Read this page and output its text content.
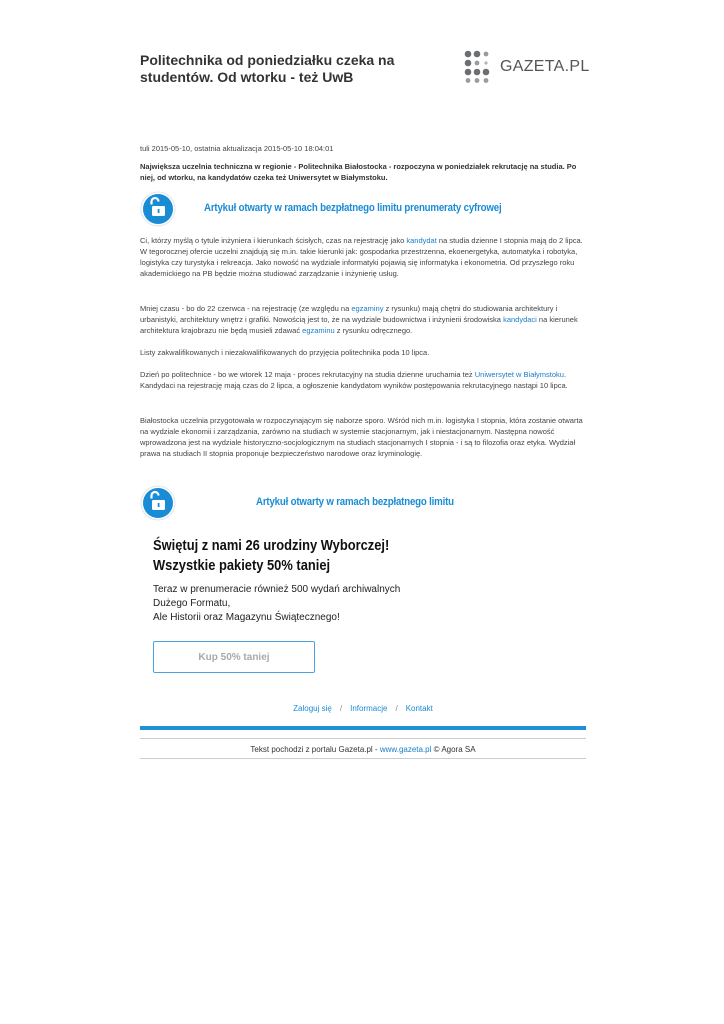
Politechnika od poniedziałku czeka na studentów. Od wtorku - też UwB
GAZETA.PL
tuli 2015-05-10, ostatnia aktualizacja 2015-05-10 18:04:01

Największa uczelnia techniczna w regionie - Politechnika Białostocka - rozpoczyna w poniedziałek rekrutację na studia. Po niej, od wtorku, na kandydatów czeka też Uniwersytet w Białymstoku.

Artykuł otwarty w ramach bezpłatnego limitu prenumeraty cyfrowej

Ci, którzy myślą o tytule inżyniera i kierunkach ścisłych, czas na rejestrację jako kandydat na studia dzienne I stopnia mają do 2 lipca. W tegorocznej ofercie uczelni znajdują się m.in. takie kierunki jak: gospodarka przestrzenna, ekoenergetyka, automatyka i robotyka, logistyka czy turystyka i rekreacja. Jako nowość na wydziale informatyki pojawią się informatyka i ekonometria. Od przyszłego roku akademickiego na PB będzie można studiować zarządzanie i inżynierię usług.

Mniej czasu - bo do 22 czerwca - na rejestrację (ze względu na egzaminy z rysunku) mają chętni do studiowania architektury i urbanistyki, architektury wnętrz i grafiki. Nowością jest to, że na wydziale budownictwa i inżynierii środowiska kandydaci na kierunek architektura krajobrazu nie będą musieli zdawać egzaminu z rysunku odręcznego.

Listy zakwalifikowanych i niezakwalifikowanych do przyjęcia politechnika poda 10 lipca.

Dzień po politechnice - bo we wtorek 12 maja - proces rekrutacyjny na studia dzienne uruchamia też Uniwersytet w Białymstoku. Kandydaci na rejestrację mają czas do 2 lipca, a ogłoszenie kandydatom wyników postępowania rekrutacyjnego nastąpi 10 lipca.

Białostocka uczelnia przygotowała w rozpoczynającym się naborze sporo. Wśród nich m.in. logistyka I stopnia, która zostanie otwarta na wydziale ekonomii i zarządzania, zarówno na studiach w systemie stacjonarnym, jak i niestacjonarnym. Następna nowość wprowadzona jest na wydziale historyczno-socjologicznym na studiach stacjonarnych I stopnia - i są to filozofia oraz etyka. Wydział prawa na studiach II stopnia proponuje bezpieczeństwo narodowe oraz kryminologię.

Artykuł otwarty w ramach bezpłatnego limitu
Świętuj z nami 26 urodziny Wyborczej!
Wszystkie pakiety 50% taniej

Teraz w prenumeracie również 500 wydań archiwalnych
Dużego Formatu,
Ale Historii oraz Magazynu Świątecznego!

Kup 50% taniej
Zaloguj się / Informacje / Kontakt
Tekst pochodzi z portalu Gazeta.pl - www.gazeta.pl © Agora SA
